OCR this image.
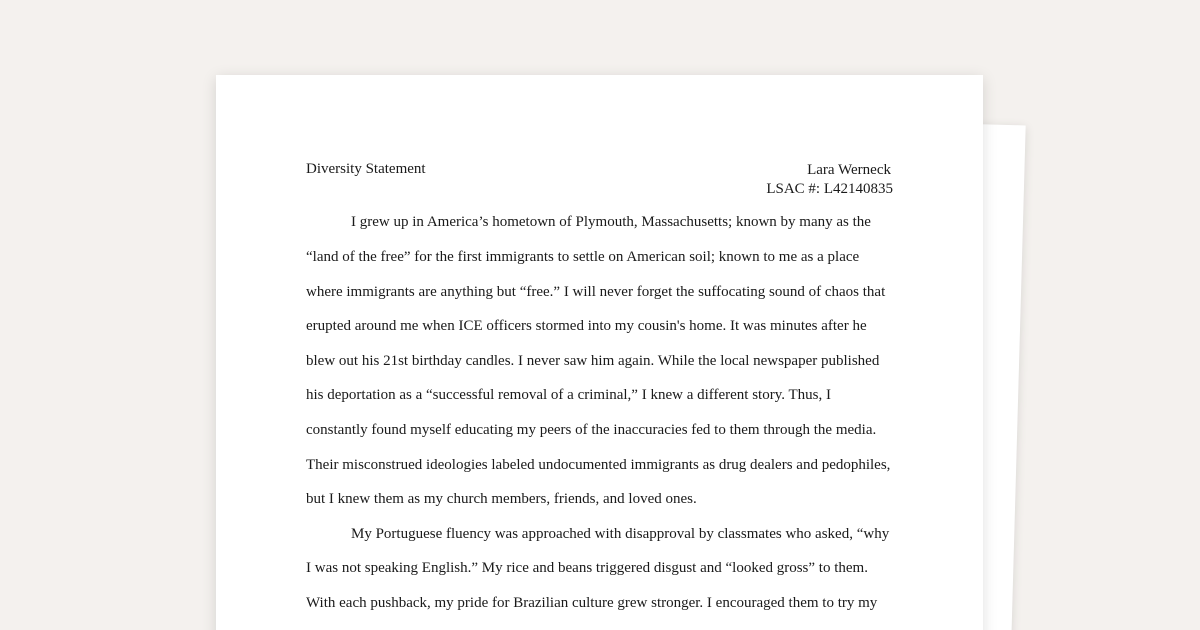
Diversity Statement	Lara Werneck
LSAC #: L42140835
I grew up in America’s hometown of Plymouth, Massachusetts; known by many as the
“land of the free” for the first immigrants to settle on American soil; known to me as a place
where immigrants are anything but “free.” I will never forget the suffocating sound of chaos that
erupted around me when ICE officers stormed into my cousin's home. It was minutes after he
blew out his 21st birthday candles. I never saw him again. While the local newspaper published
his deportation as a “successful removal of a criminal,” I knew a different story. Thus, I
constantly found myself educating my peers of the inaccuracies fed to them through the media.
Their misconstrued ideologies labeled undocumented immigrants as drug dealers and pedophiles,
but I knew them as my church members, friends, and loved ones.
My Portuguese fluency was approached with disapproval by classmates who asked, “why
I was not speaking English.” My rice and beans triggered disgust and “looked gross” to them.
With each pushback, my pride for Brazilian culture grew stronger. I encouraged them to try my
